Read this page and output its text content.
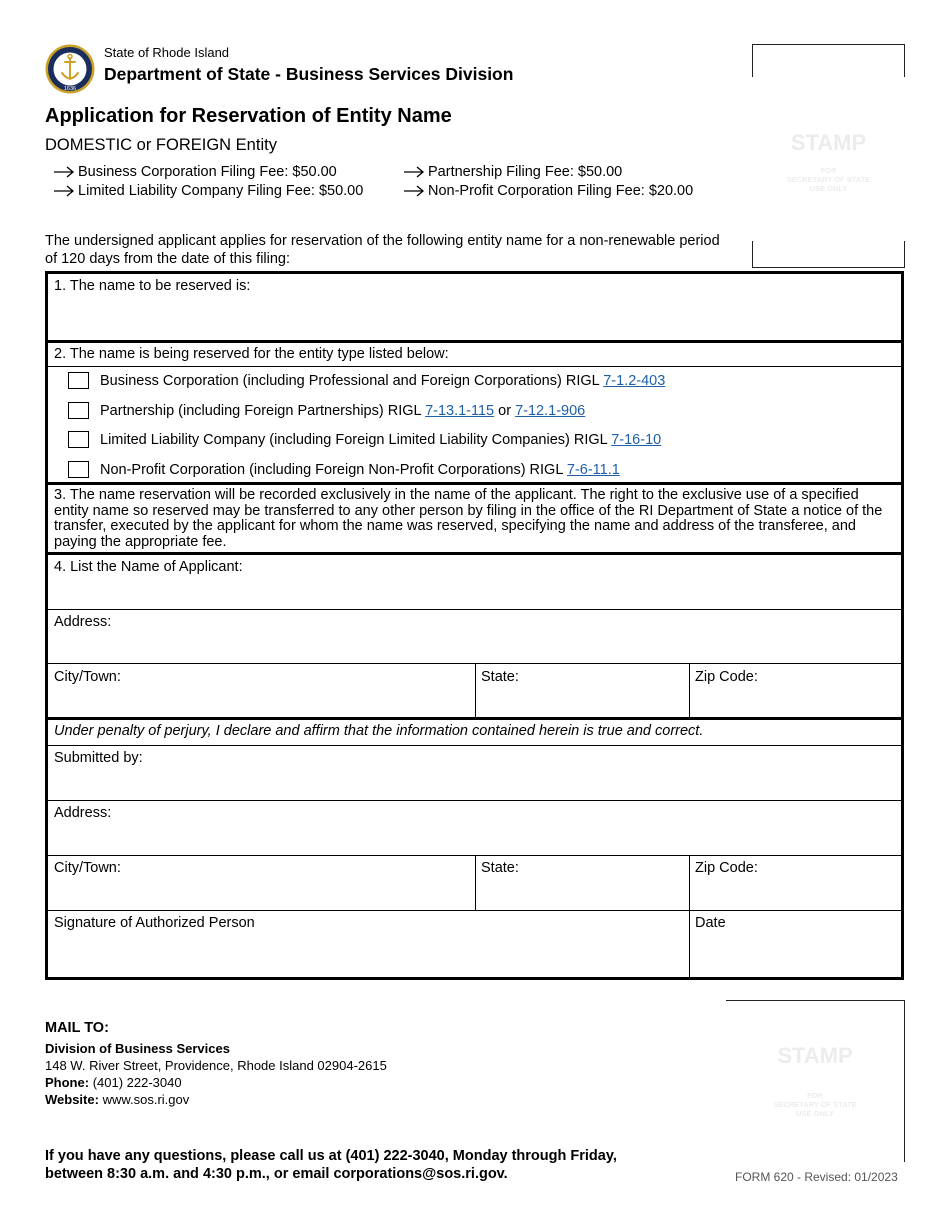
1636
State of Rhode Island
Department of State - Business Services Division
Application for Reservation of Entity Name
DOMESTIC or FOREIGN Entity
Business Corporation Filing Fee: $50.00
Limited Liability Company Filing Fee: $50.00
Partnership Filing Fee: $50.00
Non-Profit Corporation Filing Fee: $20.00
STAMP
FOR
SECRETARY OF STATE
USE ONLY
The undersigned applicant applies for reservation of the following entity name for a non-renewable period of 120 days from the date of this filing:
1. The name to be reserved is:
2. The name is being reserved for the entity type listed below:
Business Corporation (including Professional and Foreign Corporations) RIGL 7-1.2-403
Partnership (including Foreign Partnerships) RIGL 7-13.1-115 or 7-12.1-906
Limited Liability Company (including Foreign Limited Liability Companies) RIGL 7-16-10
Non-Profit Corporation (including Foreign Non-Profit Corporations) RIGL 7-6-11.1
3. The name reservation will be recorded exclusively in the name of the applicant. The right to the exclusive use of a specified entity name so reserved may be transferred to any other person by filing in the office of the RI Department of State a notice of the transfer, executed by the applicant for whom the name was reserved, specifying the name and address of the transferee, and paying the appropriate fee.
4. List the Name of Applicant:
Address:
City/Town:	State:	Zip Code:
Under penalty of perjury, I declare and affirm that the information contained herein is true and correct.
Submitted by:
Address:
City/Town:	State:	Zip Code:
Signature of Authorized Person	Date
STAMP
FOR
SECRETARY OF STATE
USE ONLY
MAIL TO:
Division of Business Services
148 W. River Street, Providence, Rhode Island 02904-2615
Phone: (401) 222-3040
Website: www.sos.ri.gov
If you have any questions, please call us at (401) 222-3040, Monday through Friday,
between 8:30 a.m. and 4:30 p.m., or email corporations@sos.ri.gov.	FORM 620 - Revised: 01/2023
